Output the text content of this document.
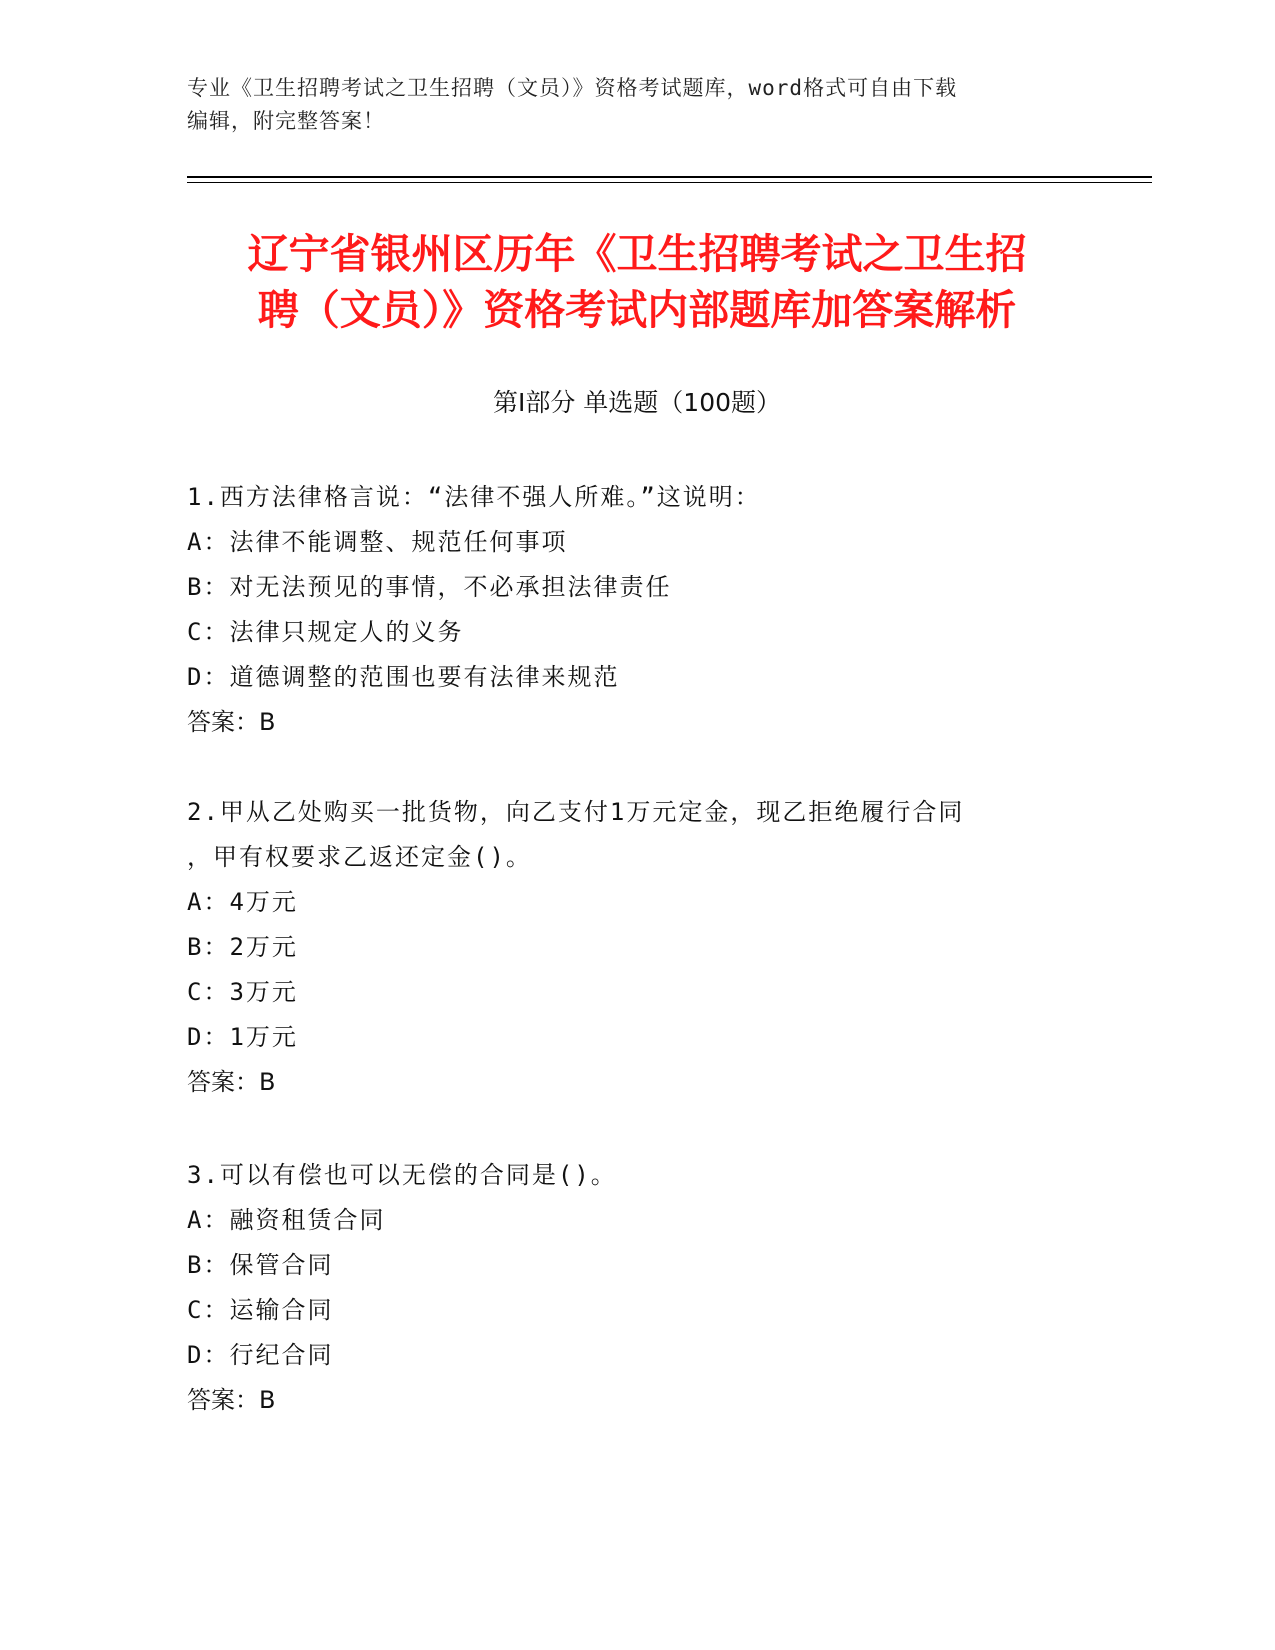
专业《卫生招聘考试之卫生招聘（文员）》资格考试题库，word格式可自由下载
编辑，附完整答案！
辽宁省银州区历年《卫生招聘考试之卫生招
聘（文员）》资格考试内部题库加答案解析
第Ⅰ部分 单选题（100题）
1.西方法律格言说：“法律不强人所难。”这说明：
A：法律不能调整、规范任何事项
B：对无法预见的事情，不必承担法律责任
C：法律只规定人的义务
D：道德调整的范围也要有法律来规范
答案：B
2.甲从乙处购买一批货物，向乙支付1万元定金，现乙拒绝履行合同
，甲有权要求乙返还定金()。
A：4万元
B：2万元
C：3万元
D：1万元
答案：B
3.可以有偿也可以无偿的合同是()。
A：融资租赁合同
B：保管合同
C：运输合同
D：行纪合同
答案：B
